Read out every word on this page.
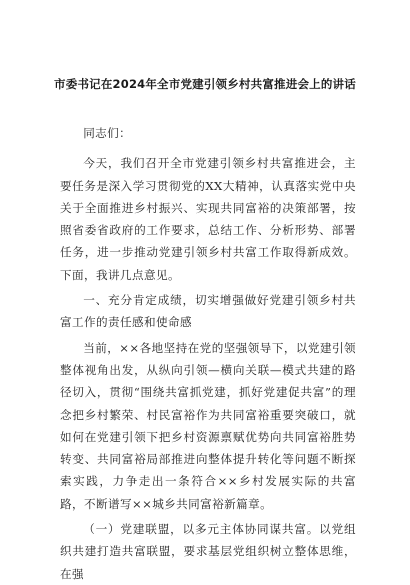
市委书记在2024年全市党建引领乡村共富推进会上的讲话

同志们：

今天，我们召开全市党建引领乡村共富推进会，主要任务是深入学习贯彻党的XX大精神，认真落实党中央关于全面推进乡村振兴、实现共同富裕的决策部署，按照省委省政府的工作要求，总结工作、分析形势、部署任务，进一步推动党建引领乡村共富工作取得新成效。下面，我讲几点意见。

一、充分肯定成绩，切实增强做好党建引领乡村共富工作的责任感和使命感

当前，××各地坚持在党的坚强领导下，以党建引领整体视角出发，从纵向引领—横向关联—模式共建的路径切入，贯彻“围绕共富抓党建，抓好党建促共富”的理念把乡村繁荣、村民富裕作为共同富裕重要突破口，就如何在党建引领下把乡村资源禀赋优势向共同富裕胜势转变、共同富裕局部推进向整体提升转化等问题不断探索实践，力争走出一条符合××乡村发展实际的共富路，不断谱写××城乡共同富裕新篇章。

（一）党建联盟，以多元主体协同谋共富。以党组织共建打造共富联盟，要求基层党组织树立整体思维，在强
